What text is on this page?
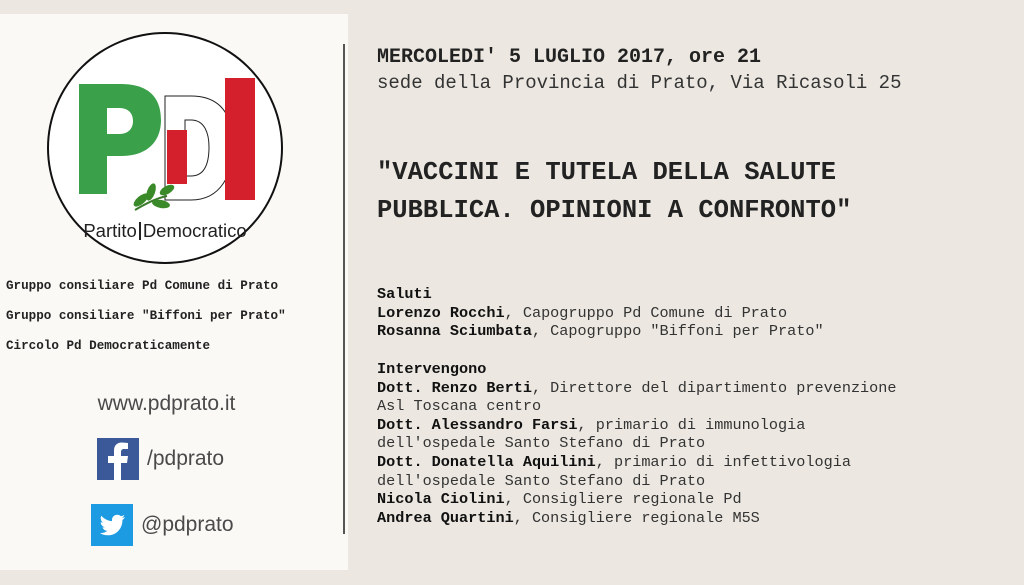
Partito Democratico
Gruppo consiliare Pd Comune di Prato
Gruppo consiliare "Biffoni per Prato"
Circolo Pd Democraticamente
www.pdprato.it
/pdprato
@pdprato
MERCOLEDI' 5 LUGLIO 2017, ore 21
sede della Provincia di Prato, Via Ricasoli 25
"VACCINI E TUTELA DELLA SALUTE
PUBBLICA. OPINIONI A CONFRONTO"
Saluti
Lorenzo Rocchi, Capogruppo Pd Comune di Prato
Rosanna Sciumbata, Capogruppo "Biffoni per Prato"
Intervengono
Dott. Renzo Berti, Direttore del dipartimento prevenzione
Asl Toscana centro
Dott. Alessandro Farsi, primario di immunologia
dell'ospedale Santo Stefano di Prato
Dott. Donatella Aquilini, primario di infettivologia
dell'ospedale Santo Stefano di Prato
Nicola Ciolini, Consigliere regionale Pd
Andrea Quartini, Consigliere regionale M5S
